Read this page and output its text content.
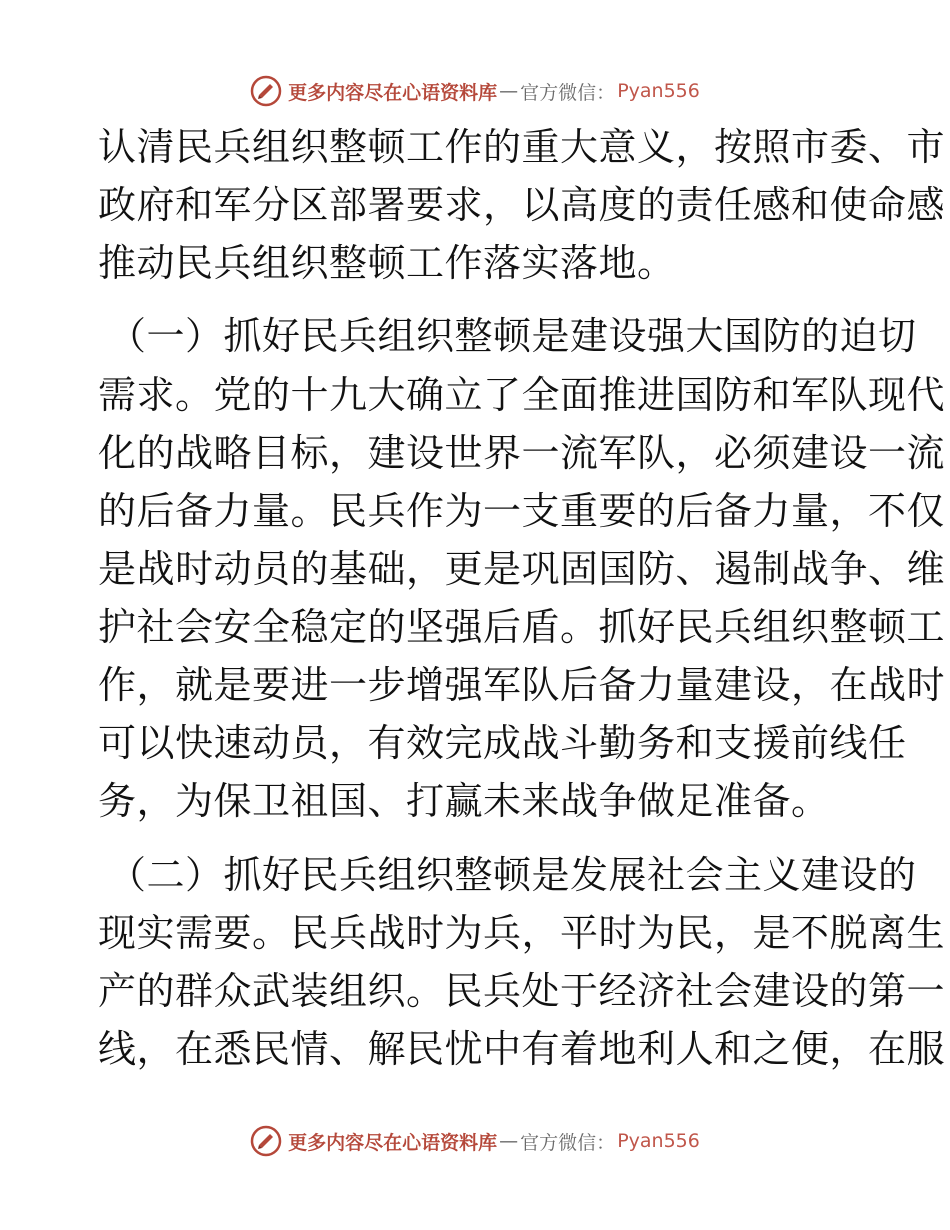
更多内容尽在心语资料库 — 官方微信： Pyan556
认清民兵组织整顿工作的重大意义，按照市委、市
政府和军分区部署要求，以高度的责任感和使命感
推动民兵组织整顿工作落实落地。
（一）抓好民兵组织整顿是建设强大国防的迫切
需求。党的十九大确立了全面推进国防和军队现代
化的战略目标，建设世界一流军队，必须建设一流
的后备力量。民兵作为一支重要的后备力量，不仅
是战时动员的基础，更是巩固国防、遏制战争、维
护社会安全稳定的坚强后盾。抓好民兵组织整顿工
作，就是要进一步增强军队后备力量建设，在战时
可以快速动员，有效完成战斗勤务和支援前线任
务，为保卫祖国、打赢未来战争做足准备。
（二）抓好民兵组织整顿是发展社会主义建设的
现实需要。民兵战时为兵，平时为民，是不脱离生
产的群众武装组织。民兵处于经济社会建设的第一
线，在悉民情、解民忧中有着地利人和之便，在服
更多内容尽在心语资料库 — 官方微信： Pyan556
